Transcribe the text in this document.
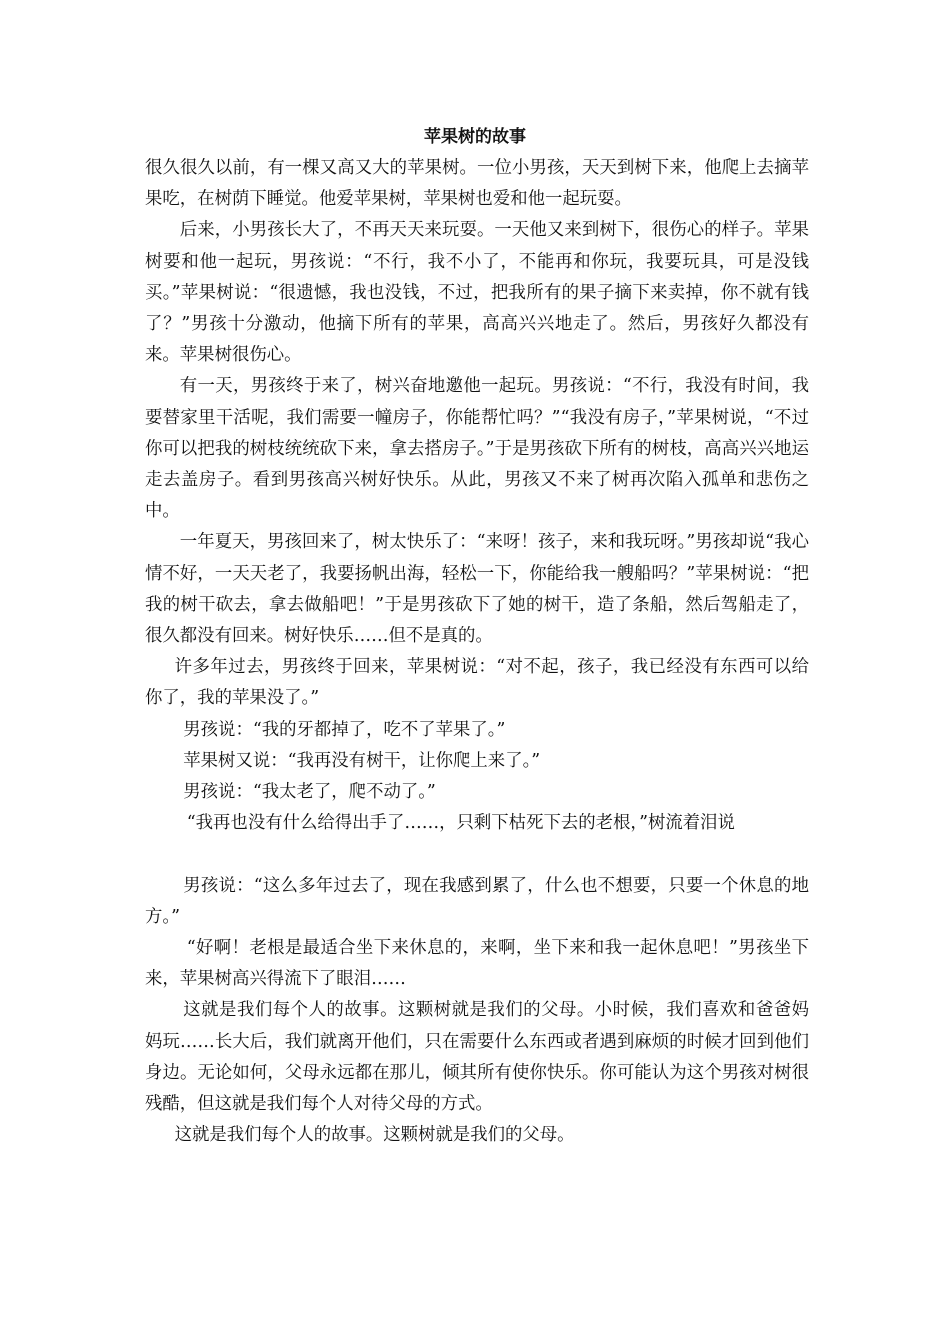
苹果树的故事

很久很久以前，有一棵又高又大的苹果树。一位小男孩，天天到树下来，他爬上去摘苹果吃，在树荫下睡觉。他爱苹果树，苹果树也爱和他一起玩耍。

后来，小男孩长大了，不再天天来玩耍。一天他又来到树下，很伤心的样子。苹果树要和他一起玩，男孩说：“不行，我不小了，不能再和你玩，我要玩具，可是没钱买。”苹果树说：“很遗憾，我也没钱，不过，把我所有的果子摘下来卖掉，你不就有钱了？”男孩十分激动，他摘下所有的苹果，高高兴兴地走了。然后，男孩好久都没有来。苹果树很伤心。

有一天，男孩终于来了，树兴奋地邀他一起玩。男孩说：“不行，我没有时间，我要替家里干活呢，我们需要一幢房子，你能帮忙吗？”“我没有房子，”苹果树说，“不过你可以把我的树枝统统砍下来，拿去搭房子。”于是男孩砍下所有的树枝，高高兴兴地运走去盖房子。看到男孩高兴树好快乐。从此，男孩又不来了树再次陷入孤单和悲伤之中。

一年夏天，男孩回来了，树太快乐了：“来呀！孩子，来和我玩呀。”男孩却说“我心情不好，一天天老了，我要扬帆出海，轻松一下，你能给我一艘船吗？”苹果树说：“把我的树干砍去，拿去做船吧！”于是男孩砍下了她的树干，造了条船，然后驾船走了，很久都没有回来。树好快乐……但不是真的。

许多年过去，男孩终于回来，苹果树说：“对不起，孩子，我已经没有东西可以给你了，我的苹果没了。”

男孩说：“我的牙都掉了，吃不了苹果了。”

苹果树又说：“我再没有树干，让你爬上来了。”

男孩说：“我太老了，爬不动了。”

“我再也没有什么给得出手了……，只剩下枯死下去的老根，”树流着泪说

男孩说：“这么多年过去了，现在我感到累了，什么也不想要，只要一个休息的地方。”

“好啊！老根是最适合坐下来休息的，来啊，坐下来和我一起休息吧！”男孩坐下来，苹果树高兴得流下了眼泪……

这就是我们每个人的故事。这颗树就是我们的父母。小时候，我们喜欢和爸爸妈妈玩……长大后，我们就离开他们，只在需要什么东西或者遇到麻烦的时候才回到他们身边。无论如何，父母永远都在那儿，倾其所有使你快乐。你可能认为这个男孩对树很残酷，但这就是我们每个人对待父母的方式。

这就是我们每个人的故事。这颗树就是我们的父母。
